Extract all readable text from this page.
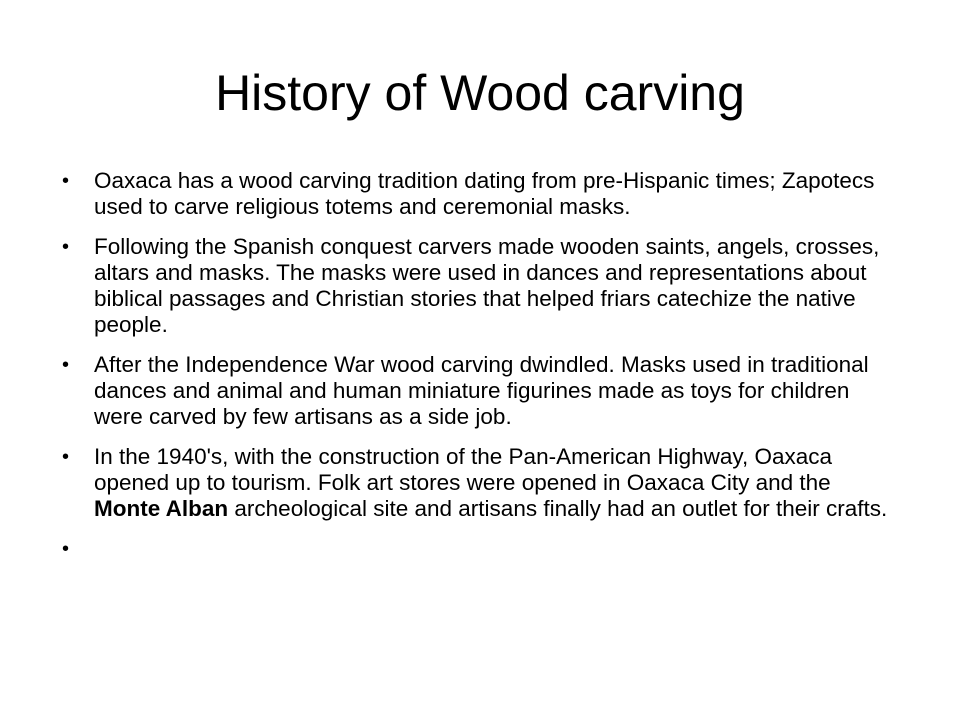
History of Wood carving
• Oaxaca has a wood carving tradition dating from pre-Hispanic times; Zapotecs used to carve religious totems and ceremonial masks.
• Following the Spanish conquest carvers made wooden saints, angels, crosses, altars and masks. The masks were used in dances and representations about biblical passages and Christian stories that helped friars catechize the native people.
• After the Independence War wood carving dwindled. Masks used in traditional dances and animal and human miniature figurines made as toys for children were carved by few artisans as a side job.
• In the 1940's, with the construction of the Pan-American Highway, Oaxaca opened up to tourism. Folk art stores were opened in Oaxaca City and the Monte Alban archeological site and artisans finally had an outlet for their crafts.
•
